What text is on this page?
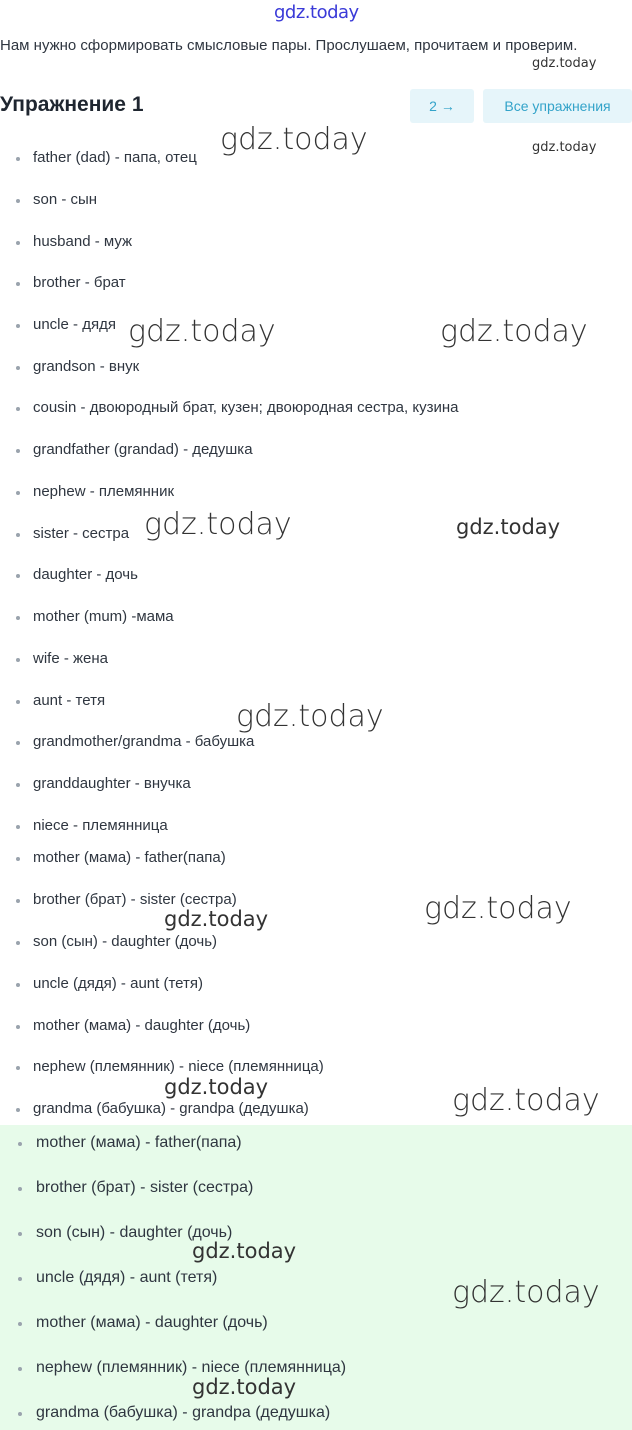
gdz.today
Нам нужно сформировать смысловые пары. Прослушаем, прочитаем и проверим.
Упражнение 1	2 →	Все упражнения
father (dad) - папа, отец
son - сын
husband - муж
brother - брат
uncle - дядя
grandson - внук
cousin - двоюродный брат, кузен; двоюродная сестра, кузина
grandfather (grandad) - дедушка
nephew - племянник
sister - сестра
daughter - дочь
mother (mum) -мама
wife - жена
aunt - тетя
grandmother/grandma - бабушка
granddaughter - внучка
niece - племянница
mother (мама) - father(папа)
brother (брат) - sister (сестра)
son (сын) - daughter (дочь)
uncle (дядя) - aunt (тетя)
mother (мама) - daughter (дочь)
nephew (племянник) - niece (племянница)
grandma (бабушка) - grandpa (дедушка)
mother (мама) - father(папа)
brother (брат) - sister (сестра)
son (сын) - daughter (дочь)
uncle (дядя) - aunt (тетя)
mother (мама) - daughter (дочь)
nephew (племянник) - niece (племянница)
grandma (бабушка) - grandpa (дедушка)
gdz.today
gdz.today	gdz.today
gdz.today	gdz.today
gdz.today	gdz.today
gdz.today
gdz.today	gdz.today
gdz.today	gdz.today
gdz.today
gdz.today
gdz.today
